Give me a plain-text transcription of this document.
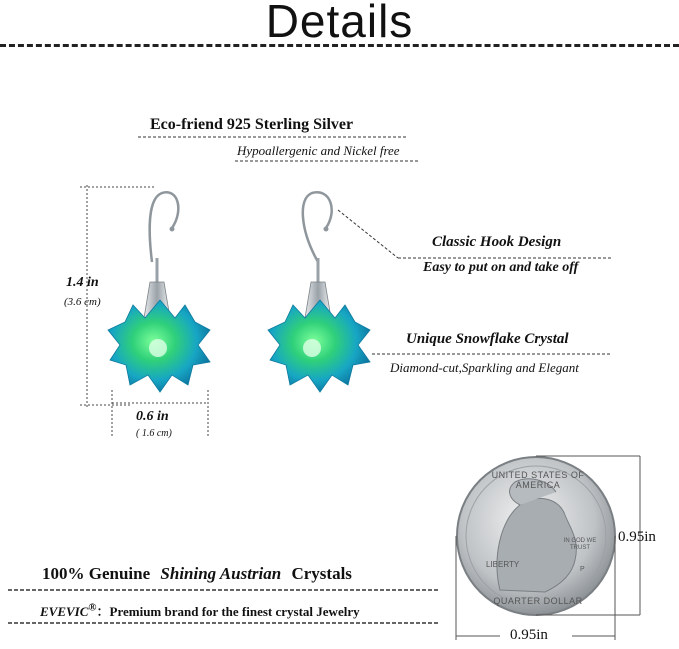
Details
Eco-friend 925 Sterling Silver
Hypoallergenic and Nickel free
Classic Hook Design
Easy to put on and take off
Unique Snowflake Crystal
Diamond-cut,Sparkling and Elegant
1.4 in
(3.6 cm)
0.6 in
( 1.6 cm)
UNITED STATES OF AMERICA
QUARTER DOLLAR
LIBERTY
IN GOD WE TRUST
P
0.95in
0.95in
100% Genuine Shining Austrian Crystals
EVEVIC®：Premium brand for the finest crystal Jewelry
